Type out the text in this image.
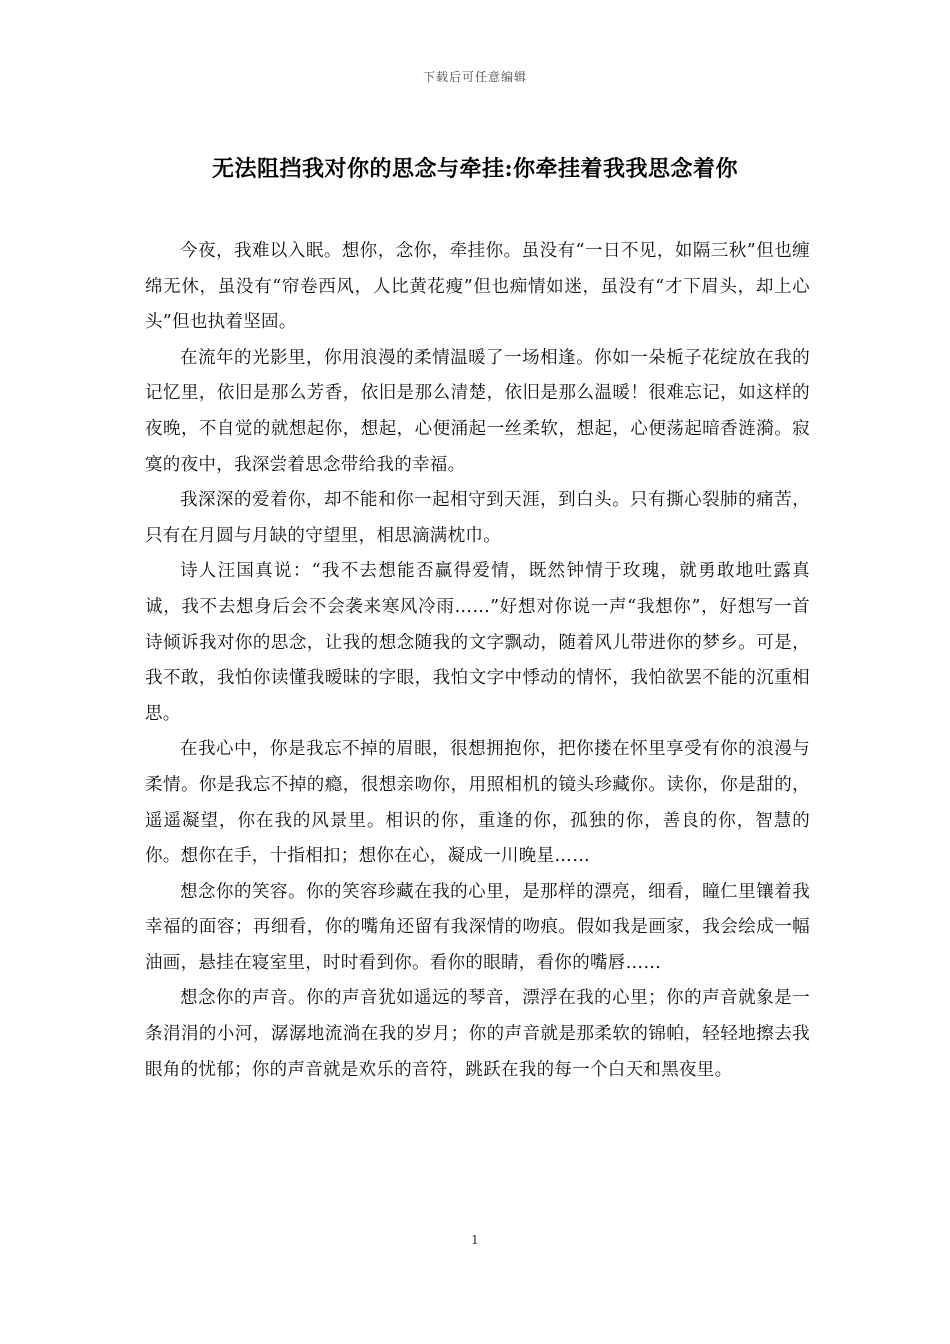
下载后可任意编辑
无法阻挡我对你的思念与牵挂:你牵挂着我我思念着你

今夜，我难以入眠。想你，念你，牵挂你。虽没有“一日不见，如隔三秋”但也缠绵无休，虽没有“帘卷西风，人比黄花瘦”但也痴情如迷，虽没有“才下眉头，却上心头”但也执着坚固。

在流年的光影里，你用浪漫的柔情温暖了一场相逢。你如一朵栀子花绽放在我的记忆里，依旧是那么芳香，依旧是那么清楚，依旧是那么温暖！很难忘记，如这样的夜晚，不自觉的就想起你，想起，心便涌起一丝柔软，想起，心便荡起暗香涟漪。寂寞的夜中，我深尝着思念带给我的幸福。

我深深的爱着你，却不能和你一起相守到天涯，到白头。只有撕心裂肺的痛苦，只有在月圆与月缺的守望里，相思滴满枕巾。

诗人汪国真说：“我不去想能否赢得爱情，既然钟情于玫瑰，就勇敢地吐露真诚，我不去想身后会不会袭来寒风冷雨……”好想对你说一声“我想你”，好想写一首诗倾诉我对你的思念，让我的想念随我的文字飘动，随着风儿带进你的梦乡。可是，我不敢，我怕你读懂我暧昧的字眼，我怕文字中悸动的情怀，我怕欲罢不能的沉重相思。

在我心中，你是我忘不掉的眉眼，很想拥抱你，把你搂在怀里享受有你的浪漫与柔情。你是我忘不掉的瘾，很想亲吻你，用照相机的镜头珍藏你。读你，你是甜的，遥遥凝望，你在我的风景里。相识的你，重逢的你，孤独的你，善良的你，智慧的你。想你在手，十指相扣；想你在心，凝成一川晚星……

想念你的笑容。你的笑容珍藏在我的心里，是那样的漂亮，细看，瞳仁里镶着我幸福的面容；再细看，你的嘴角还留有我深情的吻痕。假如我是画家，我会绘成一幅油画，悬挂在寝室里，时时看到你。看你的眼睛，看你的嘴唇……

想念你的声音。你的声音犹如遥远的琴音，漂浮在我的心里；你的声音就象是一条涓涓的小河，潺潺地流淌在我的岁月；你的声音就是那柔软的锦帕，轻轻地擦去我眼角的忧郁；你的声音就是欢乐的音符，跳跃在我的每一个白天和黑夜里。

1
